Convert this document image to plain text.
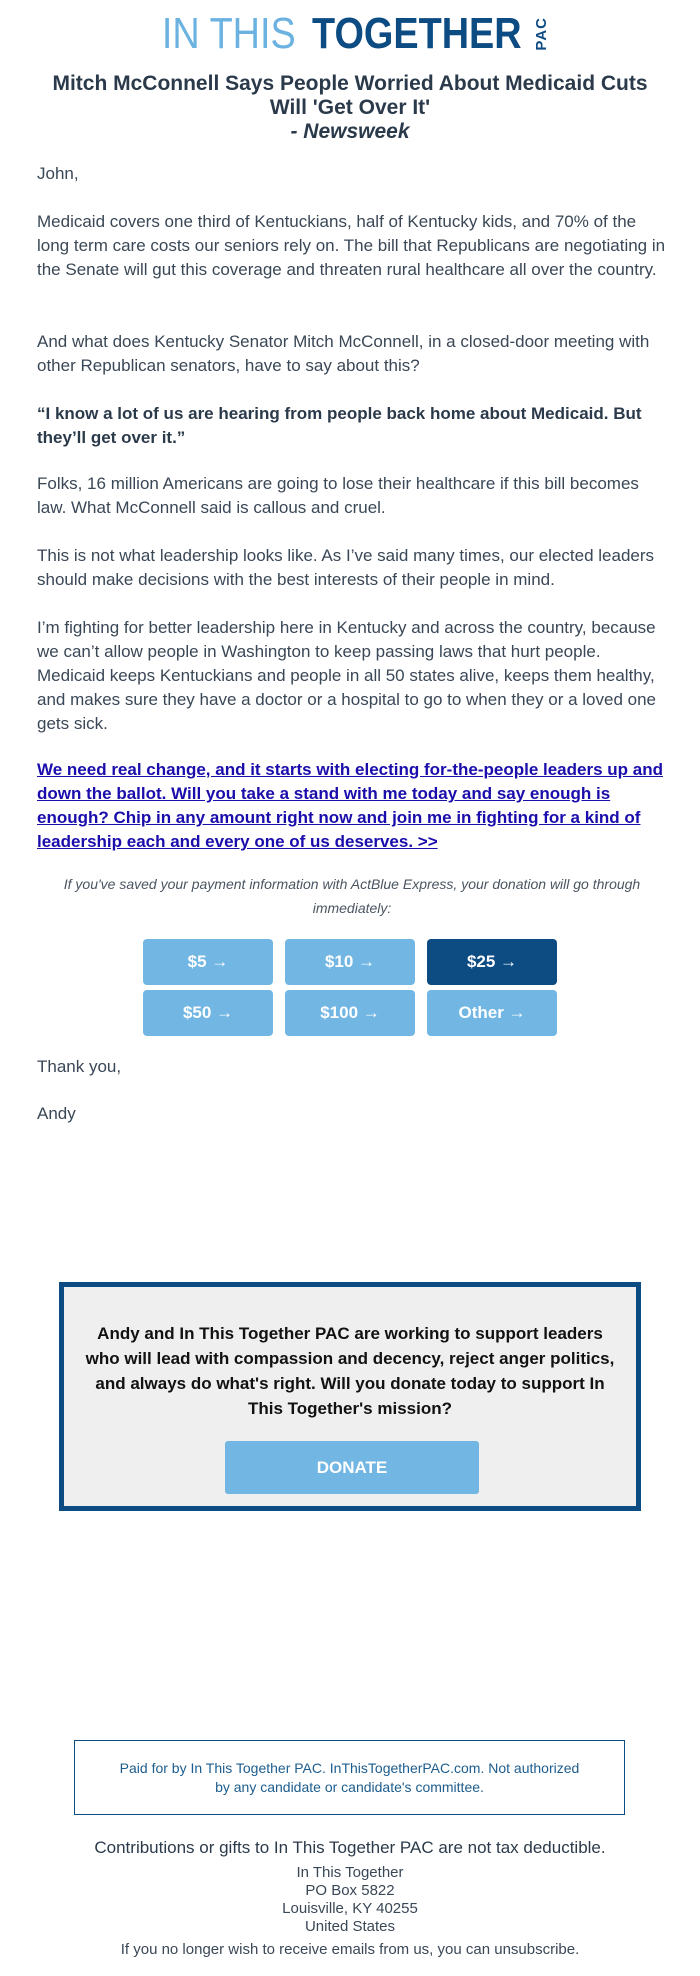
IN THIS TOGETHER PAC
Mitch McConnell Says People Worried About Medicaid Cuts
Will 'Get Over It'
- Newsweek
John,
Medicaid covers one third of Kentuckians, half of Kentucky kids, and 70% of the long term care costs our seniors rely on. The bill that Republicans are negotiating in the Senate will gut this coverage and threaten rural healthcare all over the country.
And what does Kentucky Senator Mitch McConnell, in a closed-door meeting with other Republican senators, have to say about this?
“I know a lot of us are hearing from people back home about Medicaid. But they’ll get over it.”
Folks, 16 million Americans are going to lose their healthcare if this bill becomes law. What McConnell said is callous and cruel.
This is not what leadership looks like. As I’ve said many times, our elected leaders should make decisions with the best interests of their people in mind.
I’m fighting for better leadership here in Kentucky and across the country, because we can’t allow people in Washington to keep passing laws that hurt people. Medicaid keeps Kentuckians and people in all 50 states alive, keeps them healthy, and makes sure they have a doctor or a hospital to go to when they or a loved one gets sick.
We need real change, and it starts with electing for-the-people leaders up and down the ballot. Will you take a stand with me today and say enough is enough? Chip in any amount right now and join me in fighting for a kind of leadership each and every one of us deserves. >>
If you've saved your payment information with ActBlue Express, your donation will go through immediately:
$5 →	$10 →	$25 →
$50 →	$100 →	Other →
Thank you,
Andy
Andy and In This Together PAC are working to support leaders who will lead with compassion and decency, reject anger politics, and always do what's right. Will you donate today to support In This Together's mission?
DONATE
Paid for by In This Together PAC. InThisTogetherPAC.com. Not authorized by any candidate or candidate's committee.
Contributions or gifts to In This Together PAC are not tax deductible.
In This Together
PO Box 5822
Louisville, KY 40255
United States
If you no longer wish to receive emails from us, you can unsubscribe.
